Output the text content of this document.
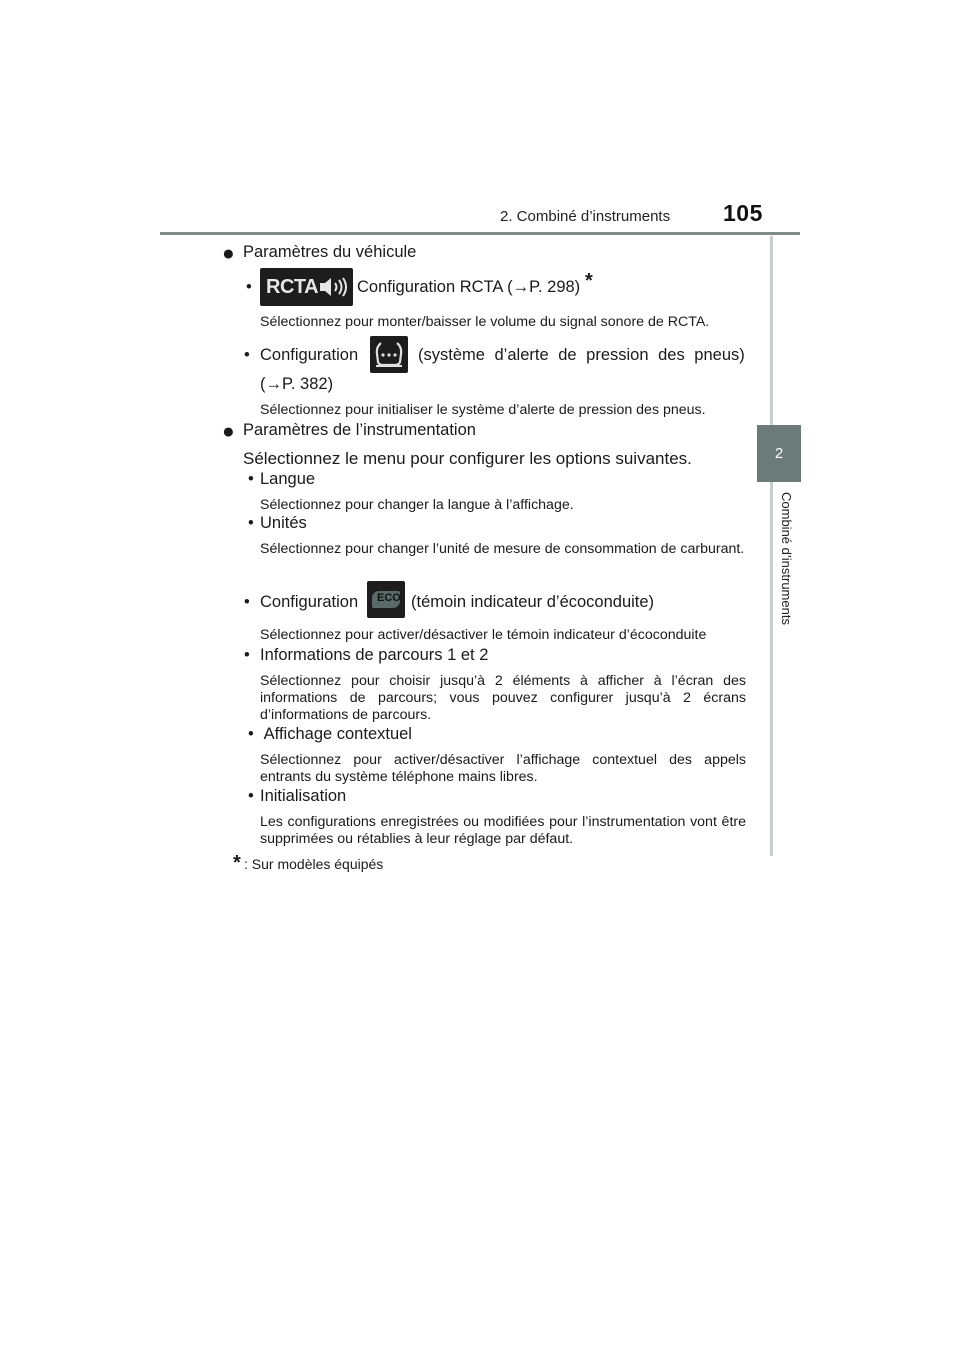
2. Combiné d’instruments 105
2
Combiné d’instruments
● Paramètres du véhicule
• RCTA Configuration RCTA (→P. 298) *
Sélectionnez pour monter/baisser le volume du signal sonore de RCTA.
• Configuration	(système d’alerte de pression des pneus)
(→P. 382)
Sélectionnez pour initialiser le système d’alerte de pression des pneus.
● Paramètres de l’instrumentation
Sélectionnez le menu pour configurer les options suivantes.
• Langue
Sélectionnez pour changer la langue à l’affichage.
• Unités
Sélectionnez pour changer l’unité de mesure de consommation de carburant.
• Configuration ECO (témoin indicateur d’écoconduite)
Sélectionnez pour activer/désactiver le témoin indicateur d’écoconduite
• Informations de parcours 1 et 2
Sélectionnez pour choisir jusqu’à 2 éléments à afficher à l’écran des informations de parcours; vous pouvez configurer jusqu’à 2 écrans d’informations de parcours.
• Affichage contextuel
Sélectionnez pour activer/désactiver l’affichage contextuel des appels entrants du système téléphone mains libres.
• Initialisation
Les configurations enregistrées ou modifiées pour l’instrumentation vont être supprimées ou rétablies à leur réglage par défaut.
* : Sur modèles équipés
